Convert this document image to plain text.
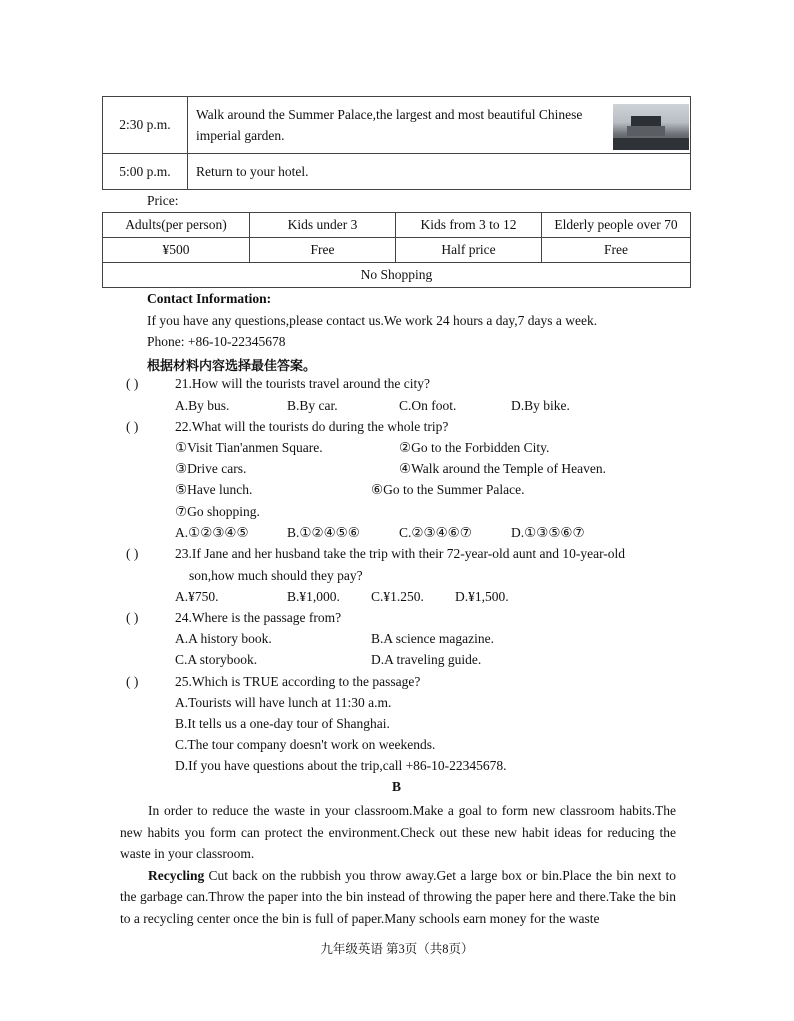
2:30 p.m.	Walk around the Summer Palace,the largest and most beautiful Chinese
imperial garden.

5:00 p.m.	Return to your hotel.
Price:
Adults(per person)	Kids under 3	Kids from 3 to 12	Elderly people over 70
¥500	Free	Half price	Free
No Shopping			
Contact Information:
If you have any questions,please contact us.We work 24 hours a day,7 days a week.
Phone: +86-10-22345678
根据材料内容选择最佳答案。
( )	21.How will the tourists travel around the city?
A.By bus.	B.By car.	C.On foot.	D.By bike.
( )	22.What will the tourists do during the whole trip?
①Visit Tian'anmen Square.	②Go to the Forbidden City.
③Drive cars.	④Walk around the Temple of Heaven.
⑤Have lunch.	⑥Go to the Summer Palace.
⑦Go shopping.
A.①②③④⑤	B.①②④⑤⑥	C.②③④⑥⑦	D.①③⑤⑥⑦
( )	23.If Jane and her husband take the trip with their 72-year-old aunt and 10-year-old
son,how much should they pay?
A.¥750.	B.¥1,000. C.¥1.250. D.¥1,500.
( )	24.Where is the passage from?
A.A history book.	B.A science magazine.
C.A storybook.	D.A traveling guide.
( )	25.Which is TRUE according to the passage?
A.Tourists will have lunch at 11:30 a.m.
B.It tells us a one-day tour of Shanghai.
C.The tour company doesn't work on weekends.
D.If you have questions about the trip,call +86-10-22345678.
B

In order to reduce the waste in your classroom.Make a goal to form new classroom habits.The new habits you form can protect the environment.Check out these new habit ideas for reducing the waste in your classroom.

Recycling Cut back on the rubbish you throw away.Get a large box or bin.Place the bin next to the garbage can.Throw the paper into the bin instead of throwing the paper here and there.Take the bin to a recycling center once the bin is full of paper.Many schools earn money for the waste

九年级英语 第3页（共8页）
